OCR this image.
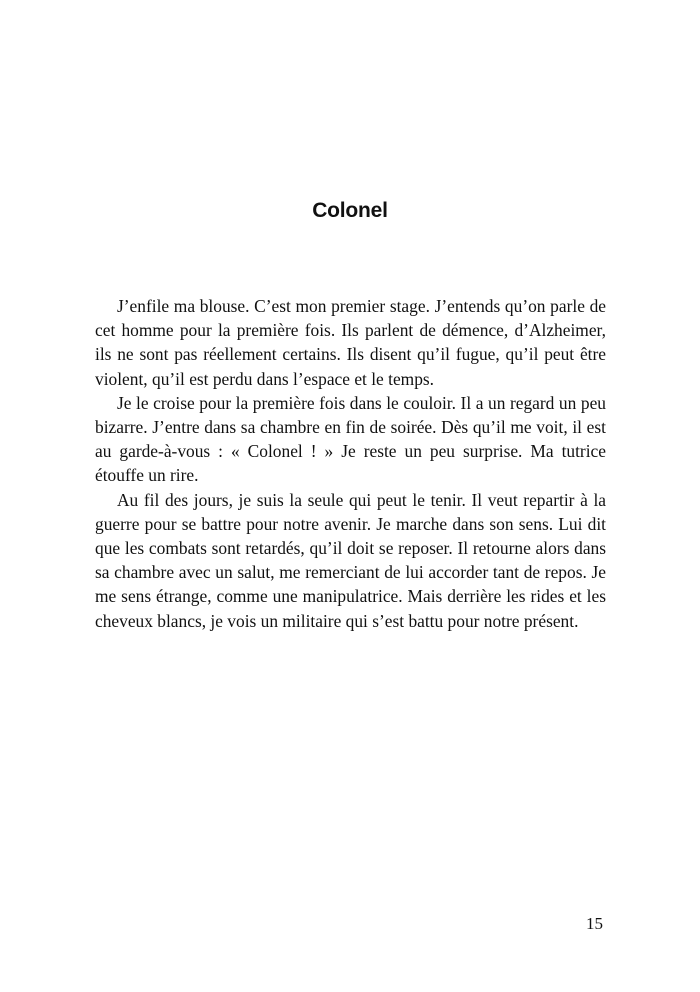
Colonel

J’enfile ma blouse. C’est mon premier stage. J’entends qu’on parle de cet homme pour la première fois. Ils parlent de démence, d’Alzheimer, ils ne sont pas réellement certains. Ils disent qu’il fugue, qu’il peut être violent, qu’il est perdu dans l’espace et le temps.

Je le croise pour la première fois dans le couloir. Il a un regard un peu bizarre. J’entre dans sa chambre en fin de soirée. Dès qu’il me voit, il est au garde-à-vous : « Colonel ! » Je reste un peu surprise. Ma tutrice étouffe un rire.

Au fil des jours, je suis la seule qui peut le tenir. Il veut repartir à la guerre pour se battre pour notre avenir. Je marche dans son sens. Lui dit que les combats sont retardés, qu’il doit se reposer. Il retourne alors dans sa chambre avec un salut, me remerciant de lui accorder tant de repos. Je me sens étrange, comme une manipulatrice. Mais derrière les rides et les cheveux blancs, je vois un militaire qui s’est battu pour notre présent.

15
